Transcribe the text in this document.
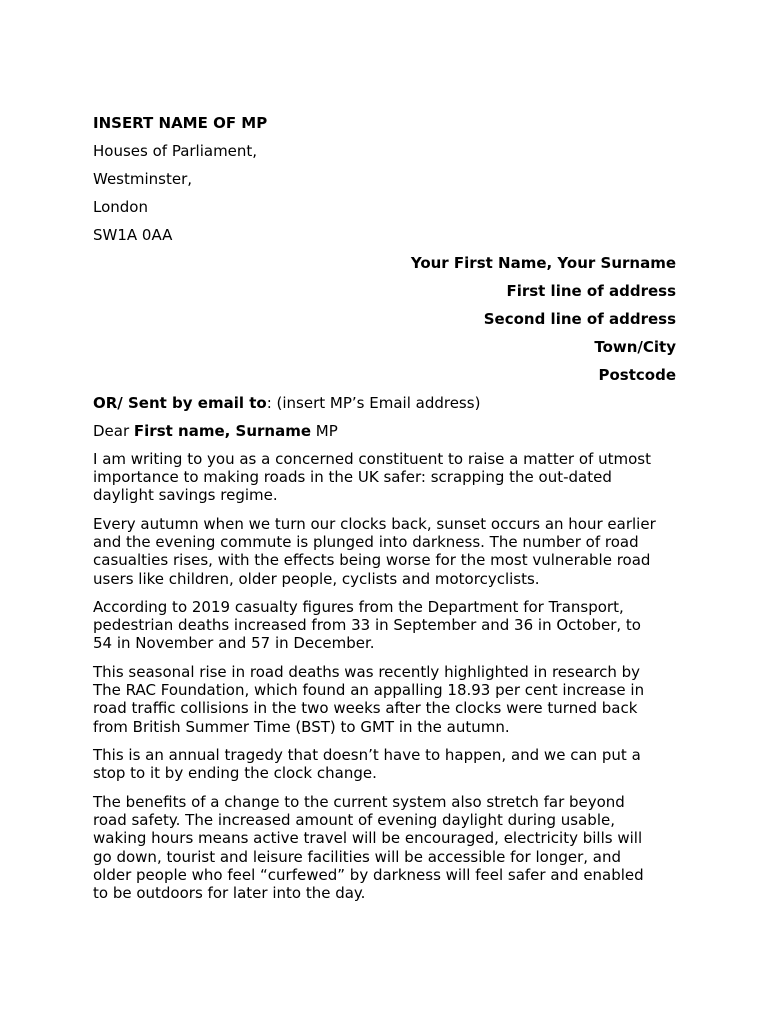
INSERT NAME OF MP
Houses of Parliament,
Westminster,
London
SW1A 0AA
Your First Name, Your Surname
First line of address
Second line of address
Town/City
Postcode
OR/ Sent by email to: (insert MP’s Email address)
Dear First name, Surname MP
I am writing to you as a concerned constituent to raise a matter of utmost
importance to making roads in the UK safer: scrapping the out-dated
daylight savings regime.
Every autumn when we turn our clocks back, sunset occurs an hour earlier
and the evening commute is plunged into darkness. The number of road
casualties rises, with the effects being worse for the most vulnerable road
users like children, older people, cyclists and motorcyclists.
According to 2019 casualty figures from the Department for Transport,
pedestrian deaths increased from 33 in September and 36 in October, to
54 in November and 57 in December.
This seasonal rise in road deaths was recently highlighted in research by
The RAC Foundation, which found an appalling 18.93 per cent increase in
road traffic collisions in the two weeks after the clocks were turned back
from British Summer Time (BST) to GMT in the autumn.
This is an annual tragedy that doesn’t have to happen, and we can put a
stop to it by ending the clock change.
The benefits of a change to the current system also stretch far beyond
road safety. The increased amount of evening daylight during usable,
waking hours means active travel will be encouraged, electricity bills will
go down, tourist and leisure facilities will be accessible for longer, and
older people who feel “curfewed” by darkness will feel safer and enabled
to be outdoors for later into the day.
